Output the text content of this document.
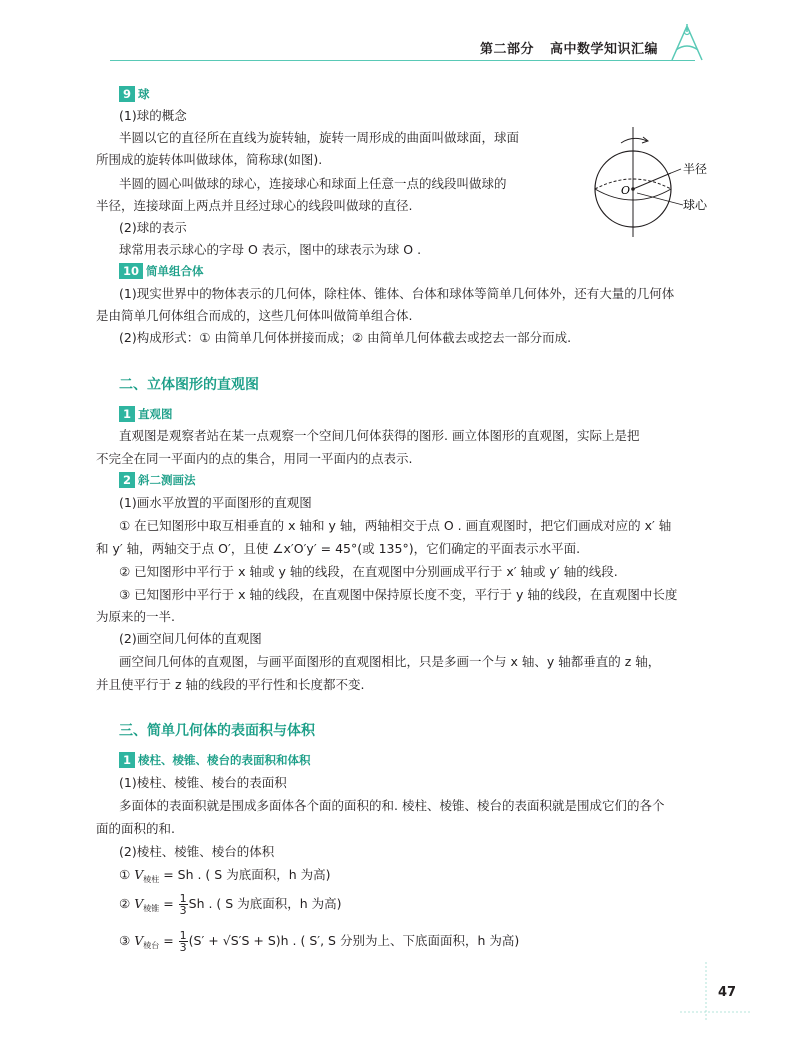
第二部分 高中数学知识汇编
9 球
(1)球的概念
半圆以它的直径所在直线为旋转轴，旋转一周形成的曲面叫做球面，球面
所围成的旋转体叫做球体，简称球(如图).
半圆的圆心叫做球的球心，连接球心和球面上任意一点的线段叫做球的
半径，连接球面上两点并且经过球心的线段叫做球的直径.
(2)球的表示
球常用表示球心的字母 O 表示，图中的球表示为球 O .
O
半径
球心
10 简单组合体
(1)现实世界中的物体表示的几何体，除柱体、锥体、台体和球体等简单几何体外，还有大量的几何体
是由简单几何体组合而成的，这些几何体叫做简单组合体.
(2)构成形式：① 由简单几何体拼接而成；② 由简单几何体截去或挖去一部分而成.
二、立体图形的直观图
1 直观图
直观图是观察者站在某一点观察一个空间几何体获得的图形. 画立体图形的直观图，实际上是把
不完全在同一平面内的点的集合，用同一平面内的点表示.
2 斜二测画法
(1)画水平放置的平面图形的直观图
① 在已知图形中取互相垂直的 x 轴和 y 轴，两轴相交于点 O . 画直观图时，把它们画成对应的 x′ 轴
和 y′ 轴，两轴交于点 O′，且使 ∠x′O′y′ = 45°(或 135°)，它们确定的平面表示水平面.
② 已知图形中平行于 x 轴或 y 轴的线段，在直观图中分别画成平行于 x′ 轴或 y′ 轴的线段.
③ 已知图形中平行于 x 轴的线段，在直观图中保持原长度不变，平行于 y 轴的线段，在直观图中长度
为原来的一半.
(2)画空间几何体的直观图
画空间几何体的直观图，与画平面图形的直观图相比，只是多画一个与 x 轴、y 轴都垂直的 z 轴，
并且使平行于 z 轴的线段的平行性和长度都不变.
三、简单几何体的表面积与体积
1 棱柱、棱锥、棱台的表面积和体积
(1)棱柱、棱锥、棱台的表面积
多面体的表面积就是围成多面体各个面的面积的和. 棱柱、棱锥、棱台的表面积就是围成它们的各个
面的面积的和.
(2)棱柱、棱锥、棱台的体积
① $V_{棱柱} = Sh$ . ( S 为底面积，h 为高)
② $V_{棱锥} = \frac{1}{3}$ Sh . ( S 为底面积，h 为高)
③ $V_{棱台} = \frac{1}{3} (S' + √S'S + S)h$ . ( S′, S 分别为上、下底面面积，h 为高)
47
